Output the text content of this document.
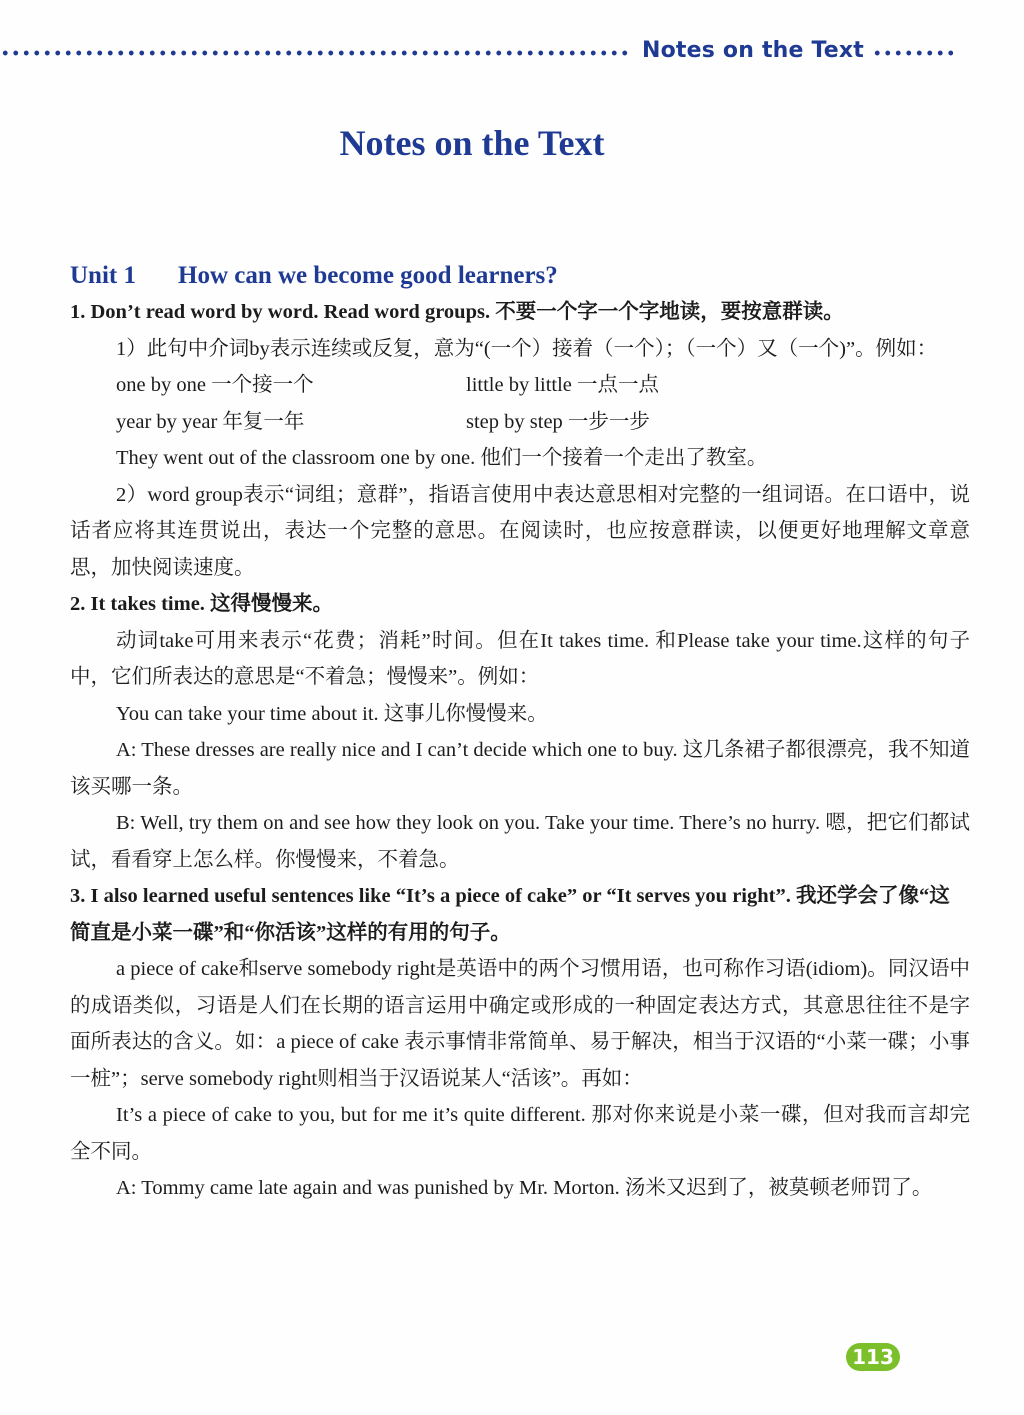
Notes on the Text
Notes on the Text
Unit 1 How can we become good learners?
1. Don’t read word by word. Read word groups. 不要一个字一个字地读，要按意群读。
1）此句中介词by表示连续或反复，意为“(一个）接着（一个）；（一个）又（一个)”。例如：
one by one 一个接一个	little by little 一点一点
year by year 年复一年	step by step 一步一步
They went out of the classroom one by one. 他们一个接着一个走出了教室。
2）word group表示“词组；意群”，指语言使用中表达意思相对完整的一组词语。在口语中，说话者应将其连贯说出，表达一个完整的意思。在阅读时，也应按意群读，以便更好地理解文章意思，加快阅读速度。
2. It takes time. 这得慢慢来。
动词take可用来表示“花费；消耗”时间。但在It takes time. 和Please take your time.这样的句子中，它们所表达的意思是“不着急；慢慢来”。例如：
You can take your time about it. 这事儿你慢慢来。
A: These dresses are really nice and I can’t decide which one to buy. 这几条裙子都很漂亮，我不知道该买哪一条。
B: Well, try them on and see how they look on you. Take your time. There’s no hurry. 嗯，把它们都试试，看看穿上怎么样。你慢慢来，不着急。
3. I also learned useful sentences like “It’s a piece of cake” or “It serves you right”. 我还学会了像“这简直是小菜一碟”和“你活该”这样的有用的句子。
a piece of cake和serve somebody right是英语中的两个习惯用语，也可称作习语(idiom)。同汉语中的成语类似，习语是人们在长期的语言运用中确定或形成的一种固定表达方式，其意思往往不是字面所表达的含义。如：a piece of cake 表示事情非常简单、易于解决，相当于汉语的“小菜一碟；小事一桩”；serve somebody right则相当于汉语说某人“活该”。再如：
It’s a piece of cake to you, but for me it’s quite different. 那对你来说是小菜一碟，但对我而言却完全不同。
A: Tommy came late again and was punished by Mr. Morton. 汤米又迟到了，被莫顿老师罚了。
113
